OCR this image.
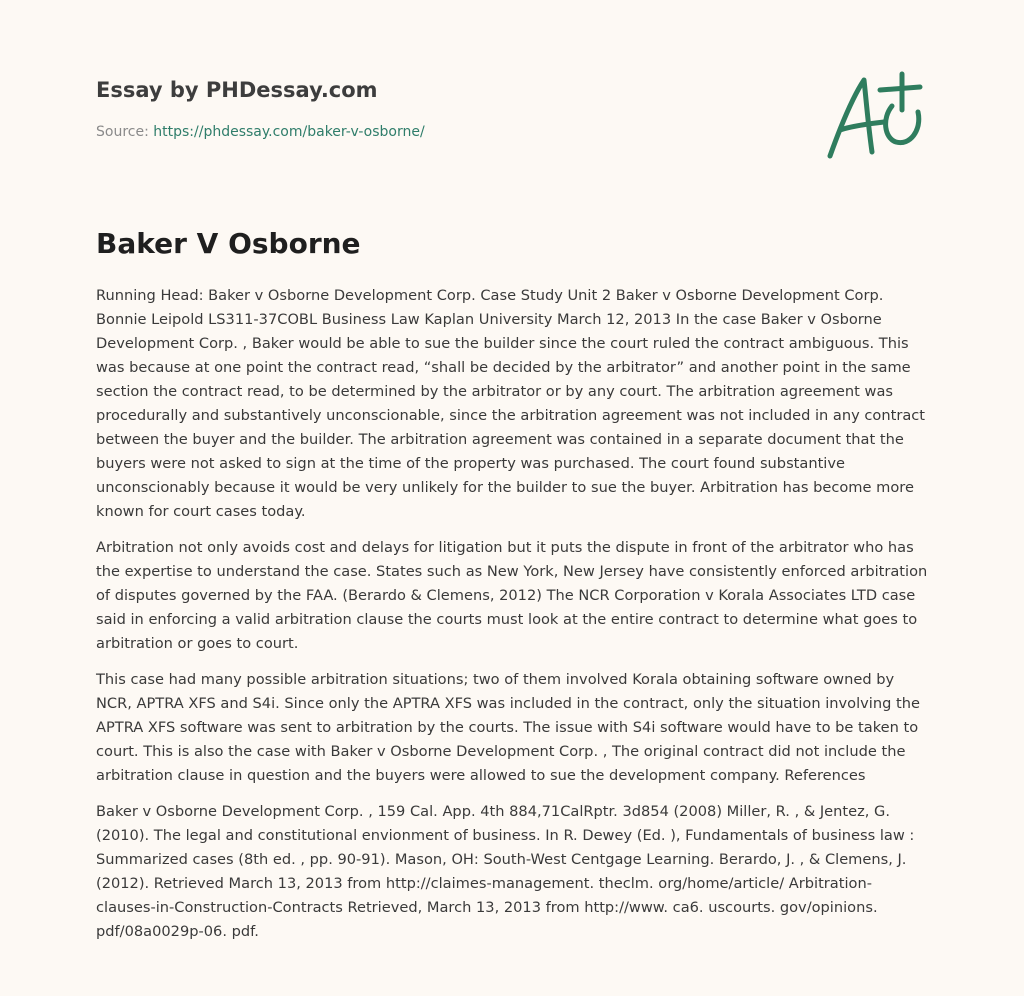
Essay by PHDessay.com
Source: https://phdessay.com/baker-v-osborne/
Baker V Osborne

Running Head: Baker v Osborne Development Corp. Case Study Unit 2 Baker v Osborne Development Corp. Bonnie Leipold LS311-37COBL Business Law Kaplan University March 12, 2013 In the case Baker v Osborne Development Corp. , Baker would be able to sue the builder since the court ruled the contract ambiguous. This was because at one point the contract read, “shall be decided by the arbitrator” and another point in the same section the contract read, to be determined by the arbitrator or by any court. The arbitration agreement was procedurally and substantively unconscionable, since the arbitration agreement was not included in any contract between the buyer and the builder. The arbitration agreement was contained in a separate document that the buyers were not asked to sign at the time of the property was purchased. The court found substantive unconscionably because it would be very unlikely for the builder to sue the buyer. Arbitration has become more known for court cases today.

Arbitration not only avoids cost and delays for litigation but it puts the dispute in front of the arbitrator who has the expertise to understand the case. States such as New York, New Jersey have consistently enforced arbitration of disputes governed by the FAA. (Berardo & Clemens, 2012) The NCR Corporation v Korala Associates LTD case said in enforcing a valid arbitration clause the courts must look at the entire contract to determine what goes to arbitration or goes to court.

This case had many possible arbitration situations; two of them involved Korala obtaining software owned by NCR, APTRA XFS and S4i. Since only the APTRA XFS was included in the contract, only the situation involving the APTRA XFS software was sent to arbitration by the courts. The issue with S4i software would have to be taken to court. This is also the case with Baker v Osborne Development Corp. , The original contract did not include the arbitration clause in question and the buyers were allowed to sue the development company. References

Baker v Osborne Development Corp. , 159 Cal. App. 4th 884,71CalRptr. 3d854 (2008) Miller, R. , & Jentez, G. (2010). The legal and constitutional envionment of business. In R. Dewey (Ed. ), Fundamentals of business law : Summarized cases (8th ed. , pp. 90-91). Mason, OH: South-West Centgage Learning. Berardo, J. , & Clemens, J. (2012). Retrieved March 13, 2013 from http://claimes-management. theclm. org/home/article/ Arbitration-clauses-in-Construction-Contracts Retrieved, March 13, 2013 from http://www. ca6. uscourts. gov/opinions. pdf/08a0029p-06. pdf.
